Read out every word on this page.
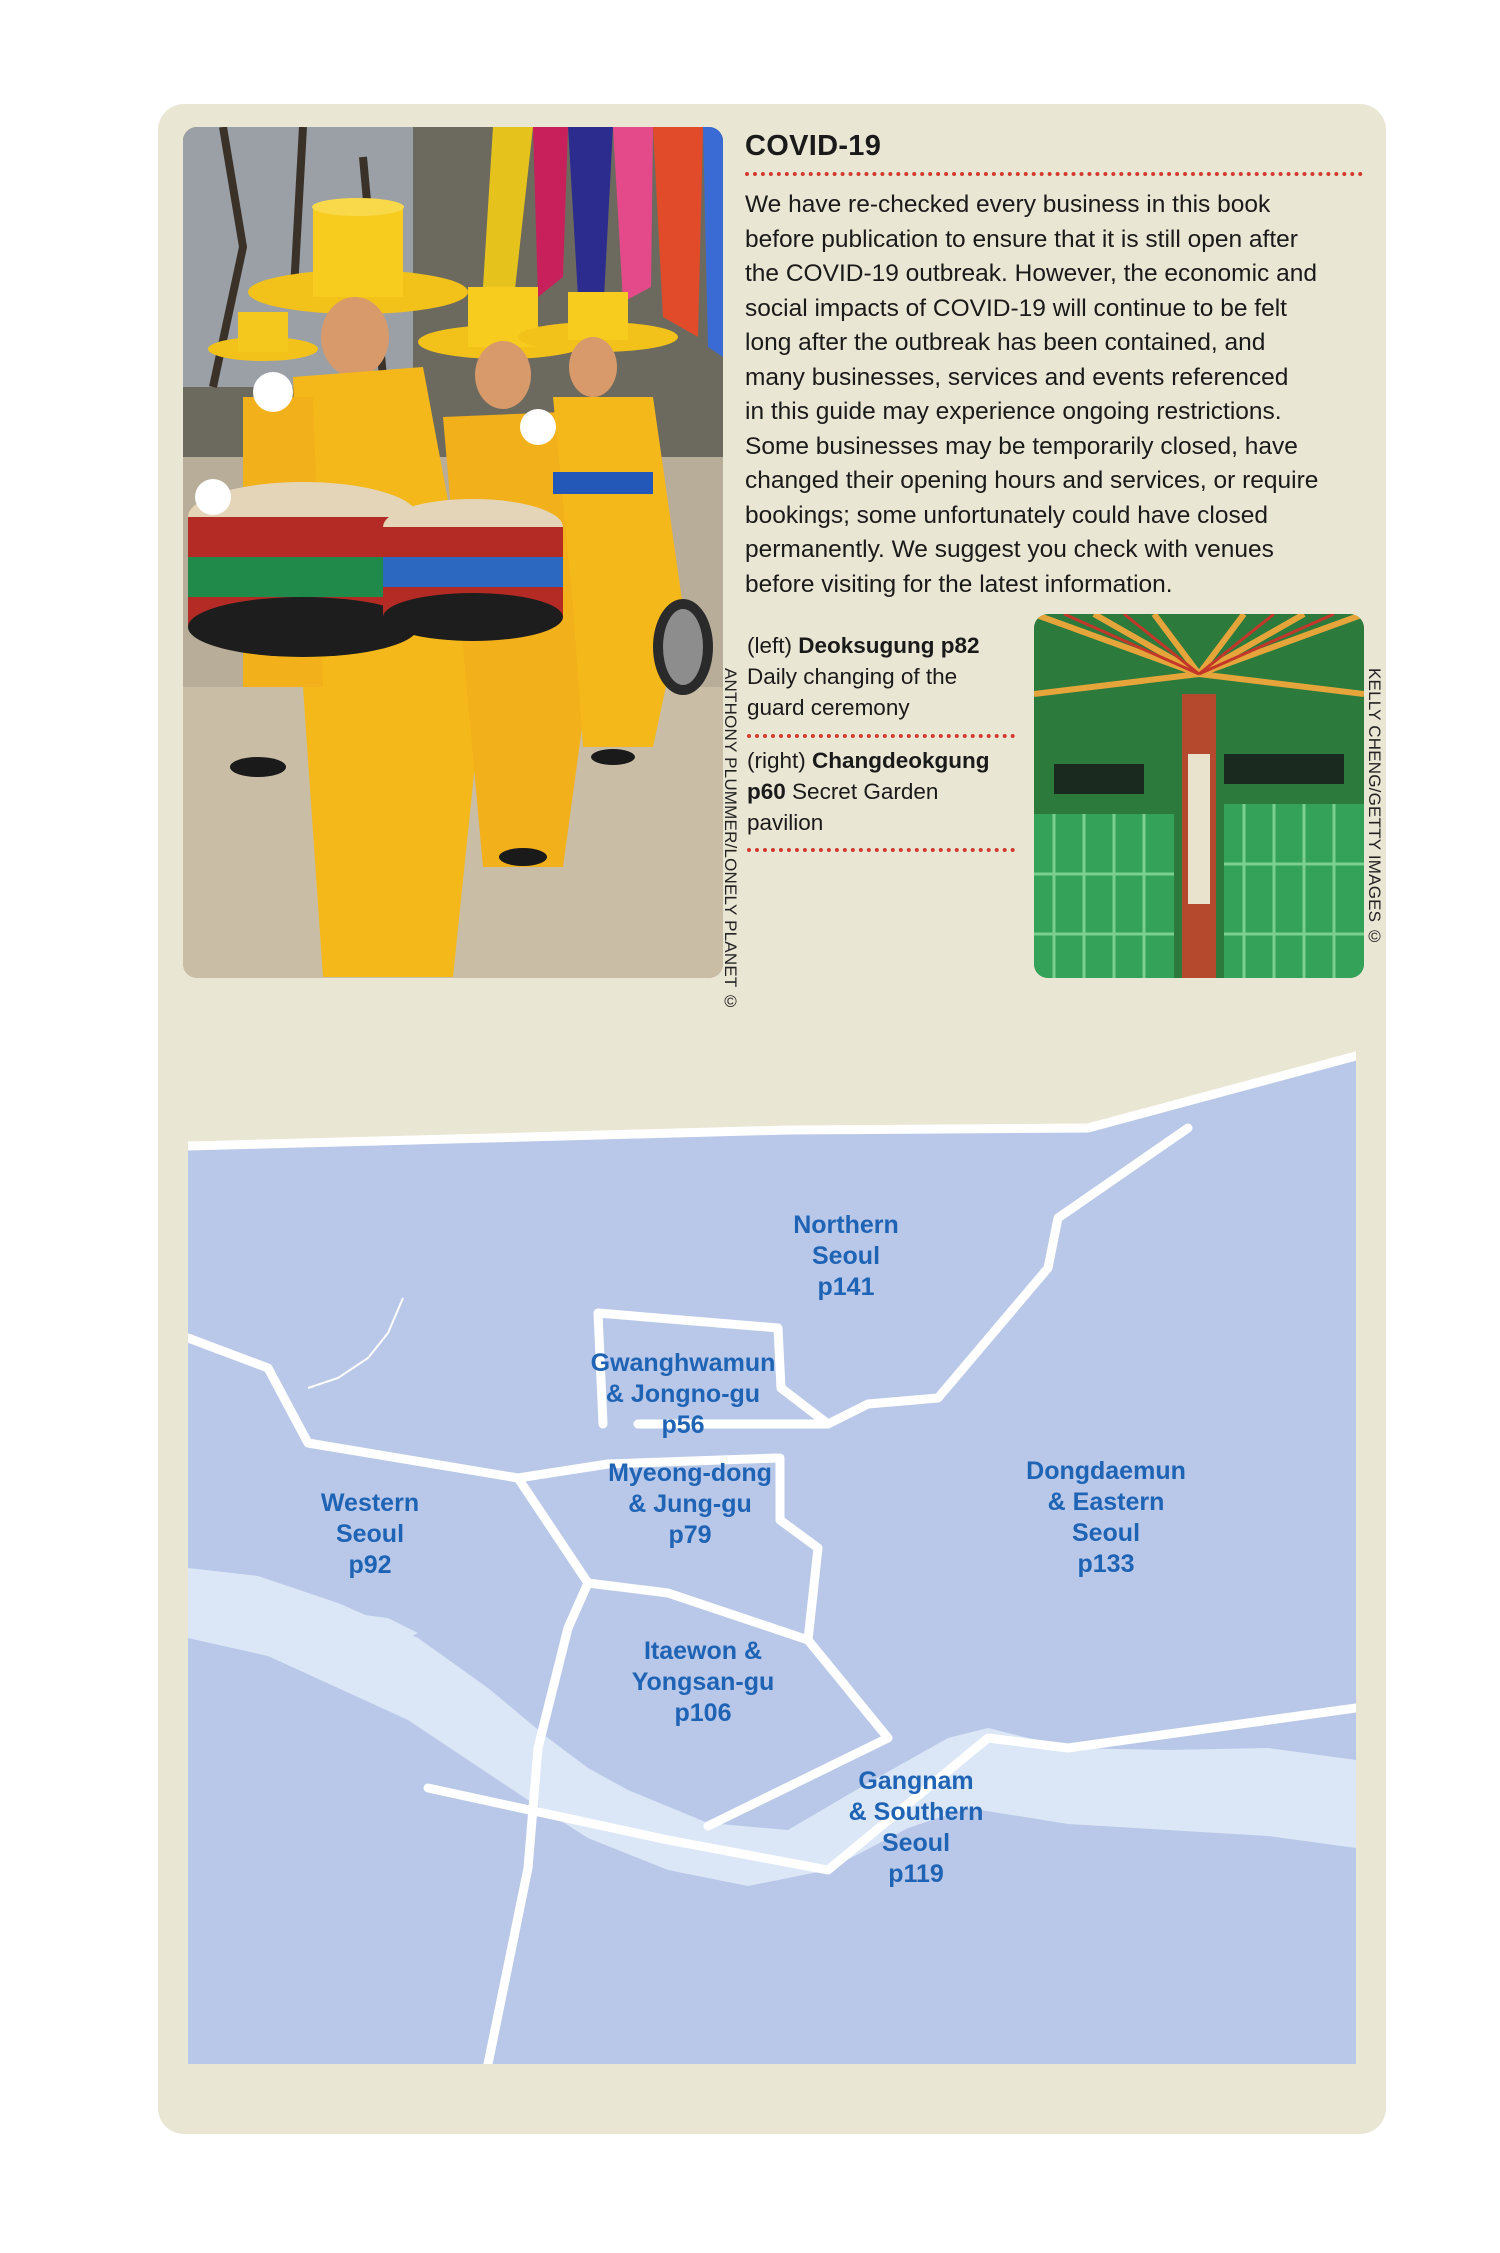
ANTHONY PLUMMER/LONELY PLANET ©	KELLY CHENG/GETTY IMAGES ©
COVID-19
We have re-checked every business in this book
before publication to ensure that it is still open after
the COVID-19 outbreak. However, the economic and
social impacts of COVID-19 will continue to be felt
long after the outbreak has been contained, and
many businesses, services and events referenced
in this guide may experience ongoing restrictions.
Some businesses may be temporarily closed, have
changed their opening hours and services, or require
bookings; some unfortunately could have closed
permanently. We suggest you check with venues
before visiting for the latest information.
(left) Deoksugung p82
Daily changing of the
guard ceremony
(right) Changdeokgung
p60 Secret Garden
pavilion
Northern
Seoul
p141
Gwanghwamun
& Jongno-gu
p56
Dongdaemun
& Eastern
Seoul
p133
Myeong-dong
& Jung-gu
p79
Western
Seoul
p92
Itaewon &
Yongsan-gu
p106
Gangnam
& Southern
Seoul
p119
